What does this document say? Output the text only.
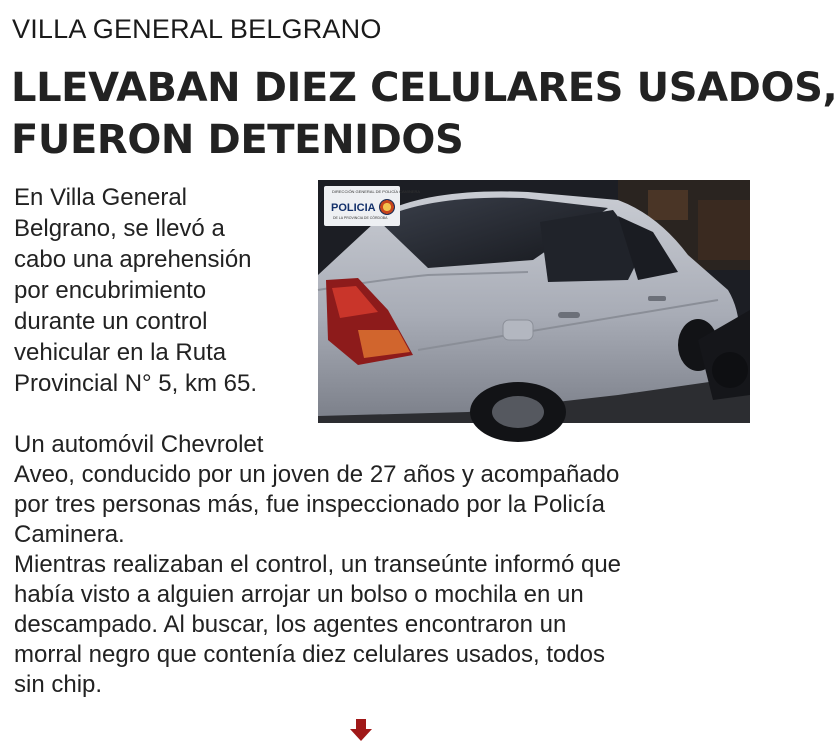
VILLA GENERAL BELGRANO
LLEVABAN DIEZ CELULARES USADOS,
FUERON DETENIDOS
En Villa General
Belgrano, se llevó a
cabo una aprehensión
por encubrimiento
durante un control
vehicular en la Ruta
Provincial N° 5, km 65.
DIRECCIÓN GENERAL DE POLICÍA CAMINERA
POLICIA
DE LA PROVINCIA DE CÓRDOBA
Un automóvil Chevrolet
Aveo, conducido por un joven de 27 años y acompañado
por tres personas más, fue inspeccionado por la Policía
Caminera.
Mientras realizaban el control, un transeúnte informó que
había visto a alguien arrojar un bolso o mochila en un
descampado. Al buscar, los agentes encontraron un
morral negro que contenía diez celulares usados, todos
sin chip.
